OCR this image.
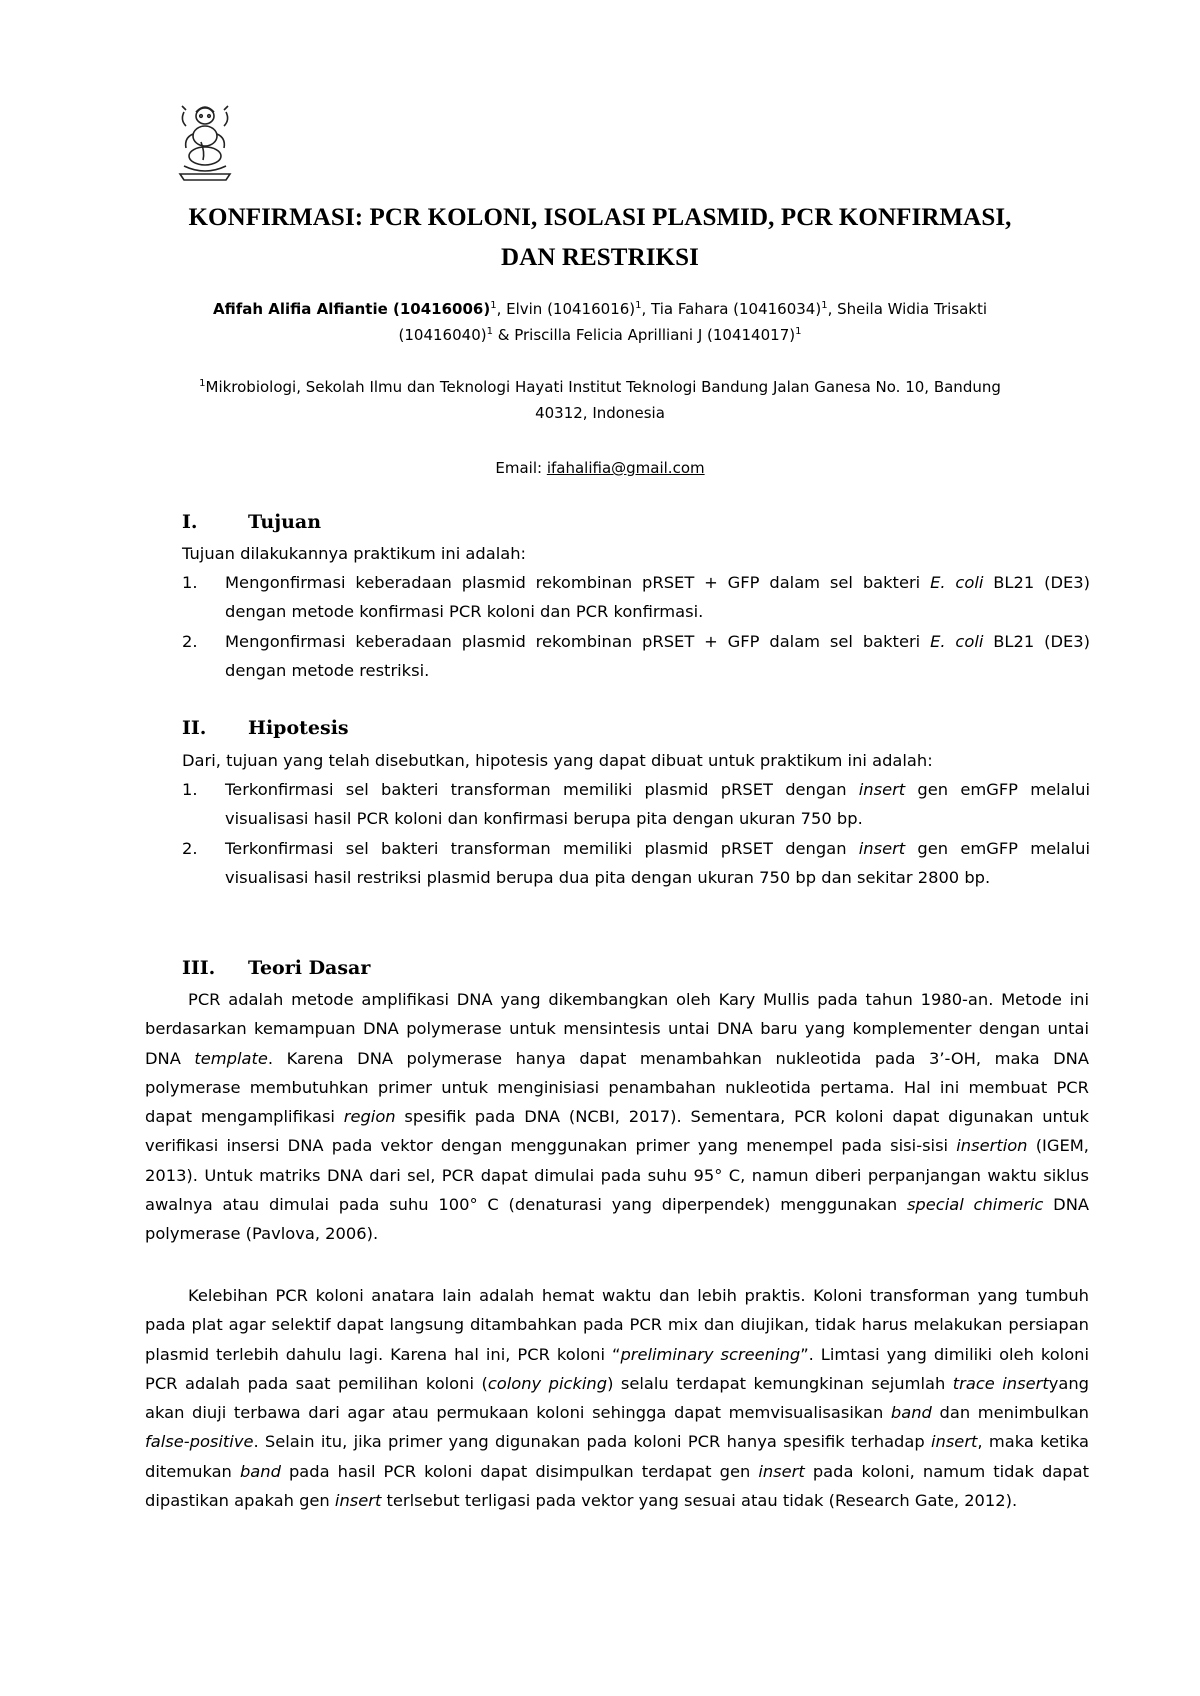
KONFIRMASI: PCR KOLONI, ISOLASI PLASMID, PCR KONFIRMASI,
DAN RESTRIKSI
Afifah Alifia Alfiantie $(10416006)^1$, Elvin $(10416016)^1$, Tia Fahara $(10416034)^1$, Sheila Widia Trisakti
$(10416040)^1$ & Priscilla Felicia Aprilliani J $(10414017)^1$
$^1$Mikrobiologi, Sekolah Ilmu dan Teknologi Hayati Institut Teknologi Bandung Jalan Ganesa No. 10, Bandung
40312, Indonesia
Email: ifahalifia@gmail.com
I.	Tujuan
Tujuan dilakukannya praktikum ini adalah:
1. Mengonfirmasi keberadaan plasmid rekombinan pRSET + GFP dalam sel bakteri E. coli BL21 (DE3) dengan metode konfirmasi PCR koloni dan PCR konfirmasi.
2. Mengonfirmasi keberadaan plasmid rekombinan pRSET + GFP dalam sel bakteri E. coli BL21 (DE3) dengan metode restriksi.
II. Hipotesis
Dari, tujuan yang telah disebutkan, hipotesis yang dapat dibuat untuk praktikum ini adalah:
1. Terkonfirmasi sel bakteri transforman memiliki plasmid pRSET dengan insert gen emGFP melalui visualisasi hasil PCR koloni dan konfirmasi berupa pita dengan ukuran 750 bp.
2. Terkonfirmasi sel bakteri transforman memiliki plasmid pRSET dengan insert gen emGFP melalui visualisasi hasil restriksi plasmid berupa dua pita dengan ukuran 750 bp dan sekitar 2800 bp.
III. Teori Dasar

PCR adalah metode amplifikasi DNA yang dikembangkan oleh Kary Mullis pada tahun 1980-an. Metode ini berdasarkan kemampuan DNA polymerase untuk mensintesis untai DNA baru yang komplementer dengan untai DNA template. Karena DNA polymerase hanya dapat menambahkan nukleotida pada 3’-OH, maka DNA polymerase membutuhkan primer untuk menginisiasi penambahan nukleotida pertama. Hal ini membuat PCR dapat mengamplifikasi region spesifik pada DNA (NCBI, 2017). Sementara, PCR koloni dapat digunakan untuk verifikasi insersi DNA pada vektor dengan menggunakan primer yang menempel pada sisi-sisi insertion (IGEM, 2013). Untuk matriks DNA dari sel, PCR dapat dimulai pada suhu 95° C, namun diberi perpanjangan waktu siklus awalnya atau dimulai pada suhu 100° C (denaturasi yang diperpendek) menggunakan special chimeric DNA polymerase (Pavlova, 2006).

Kelebihan PCR koloni anatara lain adalah hemat waktu dan lebih praktis. Koloni transforman yang tumbuh pada plat agar selektif dapat langsung ditambahkan pada PCR mix dan diujikan, tidak harus melakukan persiapan plasmid terlebih dahulu lagi. Karena hal ini, PCR koloni “preliminary screening”. Limtasi yang dimiliki oleh koloni PCR adalah pada saat pemilihan koloni (colony picking) selalu terdapat kemungkinan sejumlah trace insertyang akan diuji terbawa dari agar atau permukaan koloni sehingga dapat memvisualisasikan band dan menimbulkan false-positive. Selain itu, jika primer yang digunakan pada koloni PCR hanya spesifik terhadap insert, maka ketika ditemukan band pada hasil PCR koloni dapat disimpulkan terdapat gen insert pada koloni, namum tidak dapat dipastikan apakah gen insert terlsebut terligasi pada vektor yang sesuai atau tidak (Research Gate, 2012).
